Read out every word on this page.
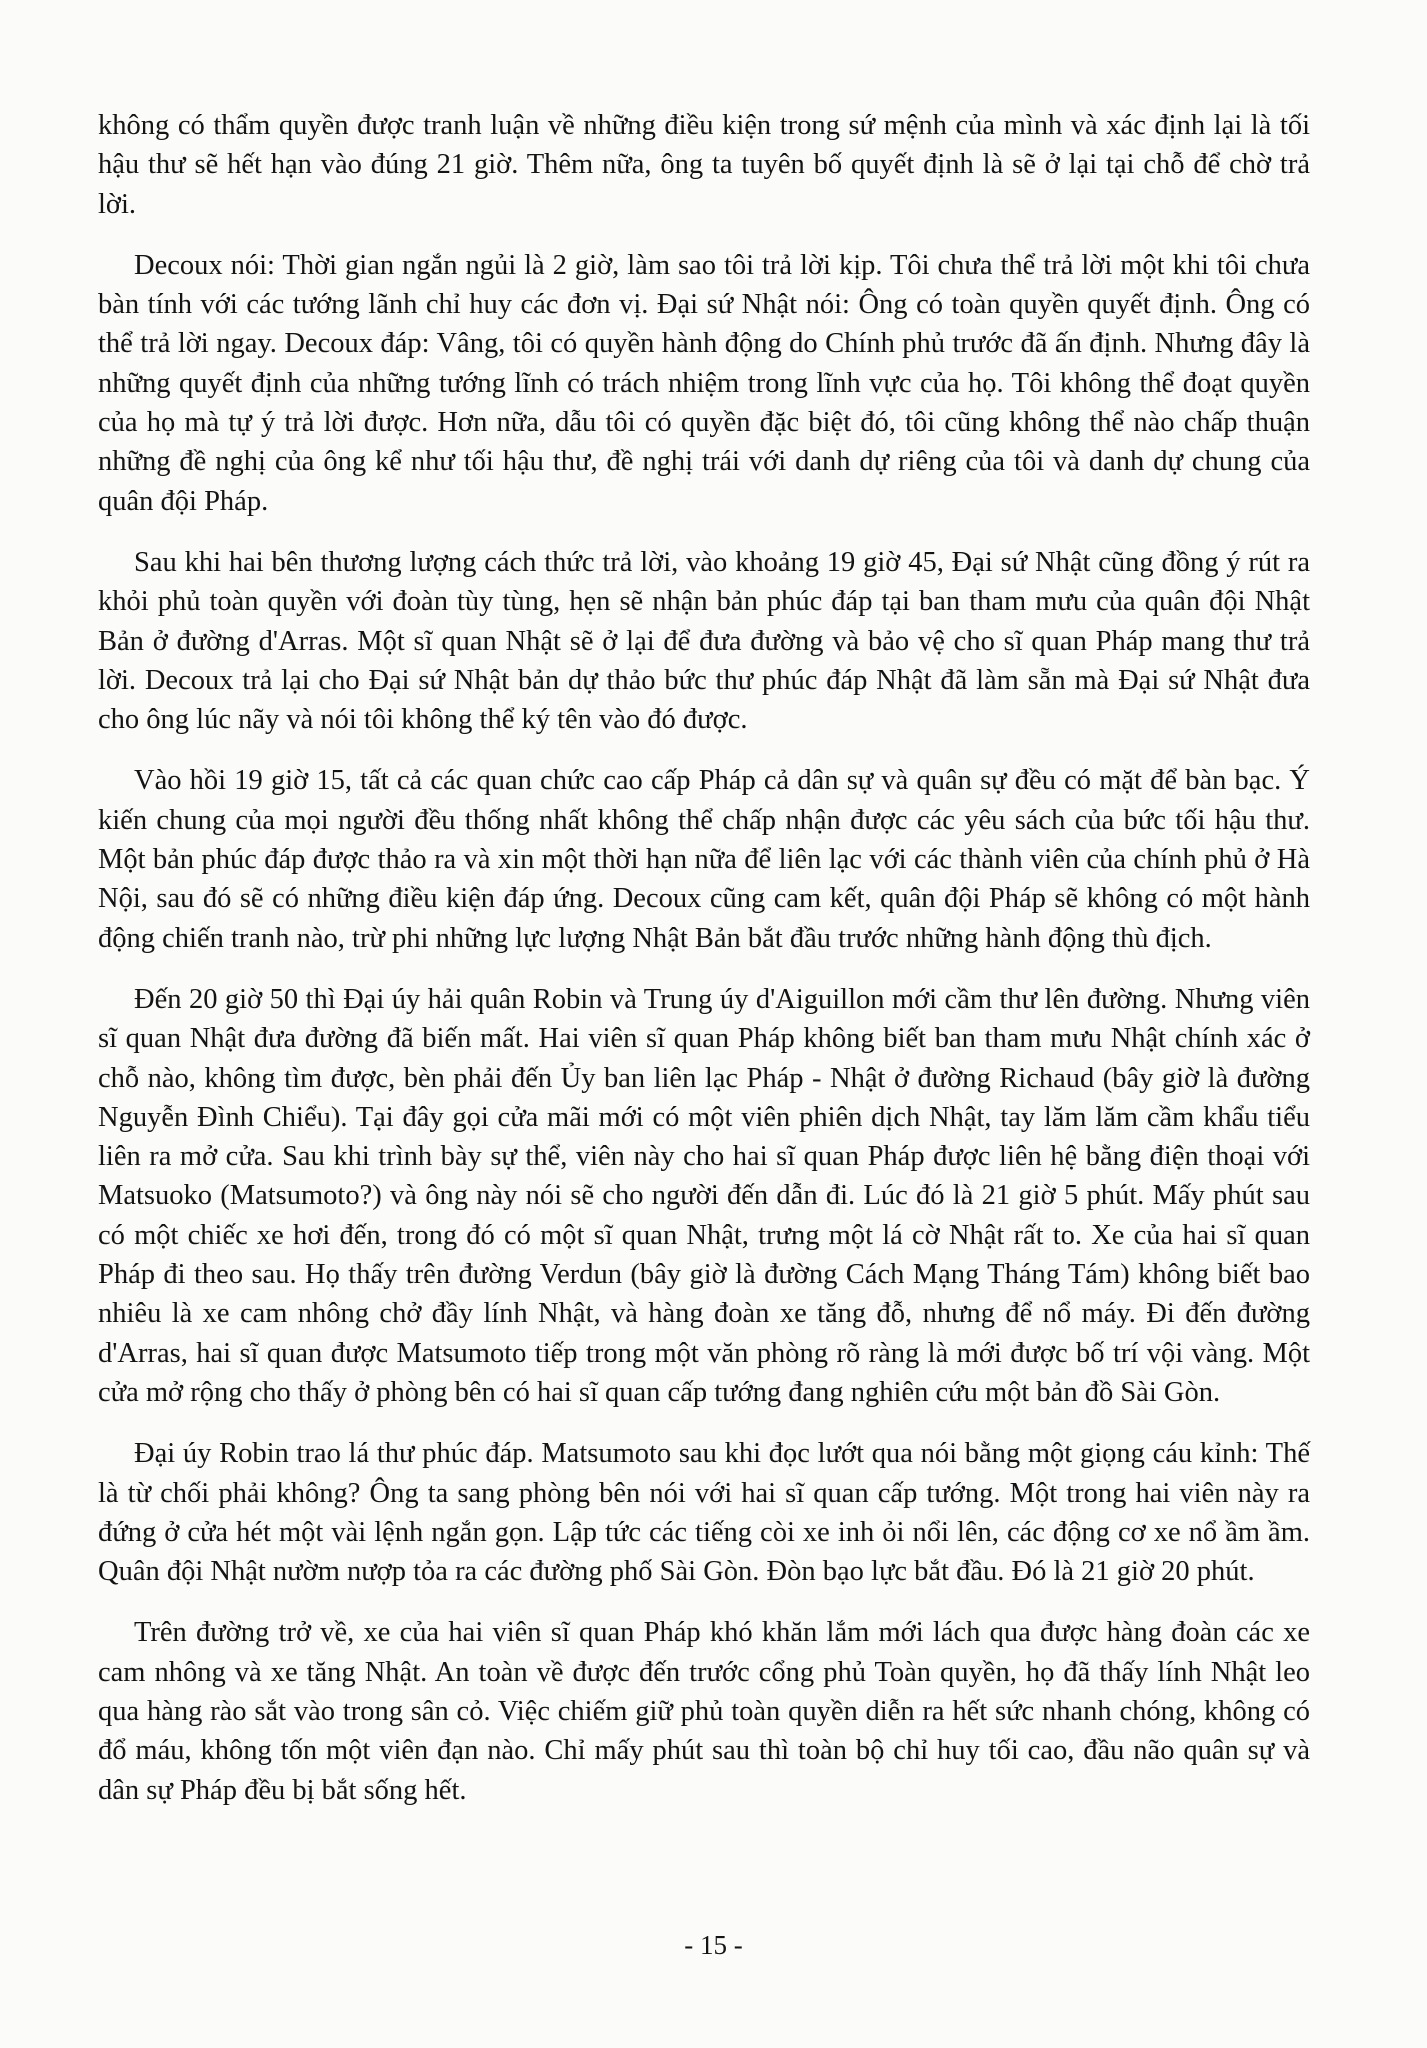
không có thẩm quyền được tranh luận về những điều kiện trong sứ mệnh của mình và xác định lại là tối hậu thư sẽ hết hạn vào đúng 21 giờ. Thêm nữa, ông ta tuyên bố quyết định là sẽ ở lại tại chỗ để chờ trả lời.

Decoux nói: Thời gian ngắn ngủi là 2 giờ, làm sao tôi trả lời kịp. Tôi chưa thể trả lời một khi tôi chưa bàn tính với các tướng lãnh chỉ huy các đơn vị. Đại sứ Nhật nói: Ông có toàn quyền quyết định. Ông có thể trả lời ngay. Decoux đáp: Vâng, tôi có quyền hành động do Chính phủ trước đã ấn định. Nhưng đây là những quyết định của những tướng lĩnh có trách nhiệm trong lĩnh vực của họ. Tôi không thể đoạt quyền của họ mà tự ý trả lời được. Hơn nữa, dẫu tôi có quyền đặc biệt đó, tôi cũng không thể nào chấp thuận những đề nghị của ông kể như tối hậu thư, đề nghị trái với danh dự riêng của tôi và danh dự chung của quân đội Pháp.

Sau khi hai bên thương lượng cách thức trả lời, vào khoảng 19 giờ 45, Đại sứ Nhật cũng đồng ý rút ra khỏi phủ toàn quyền với đoàn tùy tùng, hẹn sẽ nhận bản phúc đáp tại ban tham mưu của quân đội Nhật Bản ở đường d'Arras. Một sĩ quan Nhật sẽ ở lại để đưa đường và bảo vệ cho sĩ quan Pháp mang thư trả lời. Decoux trả lại cho Đại sứ Nhật bản dự thảo bức thư phúc đáp Nhật đã làm sẵn mà Đại sứ Nhật đưa cho ông lúc nãy và nói tôi không thể ký tên vào đó được.

Vào hồi 19 giờ 15, tất cả các quan chức cao cấp Pháp cả dân sự và quân sự đều có mặt để bàn bạc. Ý kiến chung của mọi người đều thống nhất không thể chấp nhận được các yêu sách của bức tối hậu thư. Một bản phúc đáp được thảo ra và xin một thời hạn nữa để liên lạc với các thành viên của chính phủ ở Hà Nội, sau đó sẽ có những điều kiện đáp ứng. Decoux cũng cam kết, quân đội Pháp sẽ không có một hành động chiến tranh nào, trừ phi những lực lượng Nhật Bản bắt đầu trước những hành động thù địch.

Đến 20 giờ 50 thì Đại úy hải quân Robin và Trung úy d'Aiguillon mới cầm thư lên đường. Nhưng viên sĩ quan Nhật đưa đường đã biến mất. Hai viên sĩ quan Pháp không biết ban tham mưu Nhật chính xác ở chỗ nào, không tìm được, bèn phải đến Ủy ban liên lạc Pháp - Nhật ở đường Richaud (bây giờ là đường Nguyễn Đình Chiểu). Tại đây gọi cửa mãi mới có một viên phiên dịch Nhật, tay lăm lăm cầm khẩu tiểu liên ra mở cửa. Sau khi trình bày sự thể, viên này cho hai sĩ quan Pháp được liên hệ bằng điện thoại với Matsuoko (Matsumoto?) và ông này nói sẽ cho người đến dẫn đi. Lúc đó là 21 giờ 5 phút. Mấy phút sau có một chiếc xe hơi đến, trong đó có một sĩ quan Nhật, trưng một lá cờ Nhật rất to. Xe của hai sĩ quan Pháp đi theo sau. Họ thấy trên đường Verdun (bây giờ là đường Cách Mạng Tháng Tám) không biết bao nhiêu là xe cam nhông chở đầy lính Nhật, và hàng đoàn xe tăng đỗ, nhưng để nổ máy. Đi đến đường d'Arras, hai sĩ quan được Matsumoto tiếp trong một văn phòng rõ ràng là mới được bố trí vội vàng. Một cửa mở rộng cho thấy ở phòng bên có hai sĩ quan cấp tướng đang nghiên cứu một bản đồ Sài Gòn.

Đại úy Robin trao lá thư phúc đáp. Matsumoto sau khi đọc lướt qua nói bằng một giọng cáu kỉnh: Thế là từ chối phải không? Ông ta sang phòng bên nói với hai sĩ quan cấp tướng. Một trong hai viên này ra đứng ở cửa hét một vài lệnh ngắn gọn. Lập tức các tiếng còi xe inh ỏi nổi lên, các động cơ xe nổ ầm ầm. Quân đội Nhật nườm nượp tỏa ra các đường phố Sài Gòn. Đòn bạo lực bắt đầu. Đó là 21 giờ 20 phút.

Trên đường trở về, xe của hai viên sĩ quan Pháp khó khăn lắm mới lách qua được hàng đoàn các xe cam nhông và xe tăng Nhật. An toàn về được đến trước cổng phủ Toàn quyền, họ đã thấy lính Nhật leo qua hàng rào sắt vào trong sân cỏ. Việc chiếm giữ phủ toàn quyền diễn ra hết sức nhanh chóng, không có đổ máu, không tốn một viên đạn nào. Chỉ mấy phút sau thì toàn bộ chỉ huy tối cao, đầu não quân sự và dân sự Pháp đều bị bắt sống hết.

- 15 -
